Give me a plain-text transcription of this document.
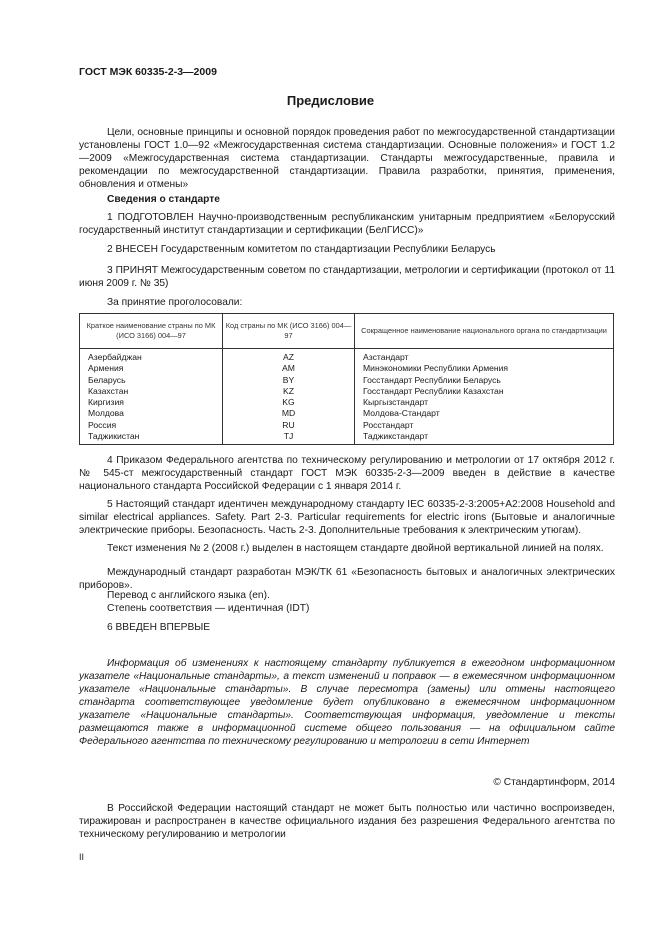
ГОСТ МЭК 60335-2-3—2009
Предисловие

Цели, основные принципы и основной порядок проведения работ по межгосударственной стандартизации установлены ГОСТ 1.0—92 «Межгосударственная система стандартизации. Основные положения» и ГОСТ 1.2—2009 «Межгосударственная система стандартизации. Стандарты межгосударственные, правила и рекомендации по межгосударственной стандартизации. Правила разработки, принятия, применения, обновления и отмены»

Сведения о стандарте

1 ПОДГОТОВЛЕН Научно-производственным республиканским унитарным предприятием «Белорусский государственный институт стандартизации и сертификации (БелГИСС)»

2 ВНЕСЕН Государственным комитетом по стандартизации Республики Беларусь

3 ПРИНЯТ Межгосударственным советом по стандартизации, метрологии и сертификации (протокол от 11 июня 2009 г. № 35)

За принятие проголосовали:

Краткое наименование страны по МК (ИСО 3166) 004—97	Код страны по МК (ИСО 3166) 004—97	Сокращенное наименование национального органа по стандартизации
Азербайджан	AZ	Азстандарт
Армения	AM	Минэкономики Республики Армения
Беларусь	BY	Госстандарт Республики Беларусь
Казахстан	KZ	Госстандарт Республики Казахстан
Киргизия	KG	Кыргызстандарт
Молдова	MD	Молдова-Стандарт
Россия	RU	Росстандарт
Таджикистан	TJ	Таджикстандарт

4 Приказом Федерального агентства по техническому регулированию и метрологии от 17 октября 2012 г. № 545-ст межгосударственный стандарт ГОСТ МЭК 60335-2-3—2009 введен в действие в качестве национального стандарта Российской Федерации с 1 января 2014 г.

5 Настоящий стандарт идентичен международному стандарту IEC 60335-2-3:2005+A2:2008 Household and similar electrical appliances. Safety. Part 2-3. Particular requirements for electric irons (Бытовые и аналогичные электрические приборы. Безопасность. Часть 2-3. Дополнительные требования к электрическим утюгам).

Текст изменения № 2 (2008 г.) выделен в настоящем стандарте двойной вертикальной линией на полях.

Международный стандарт разработан МЭК/ТК 61 «Безопасность бытовых и аналогичных электрических приборов».

Перевод с английского языка (en).

Степень соответствия — идентичная (IDT)

6 ВВЕДЕН ВПЕРВЫЕ

Информация об изменениях к настоящему стандарту публикуется в ежегодном информационном указателе «Национальные стандарты», а текст изменений и поправок — в ежемесячном информационном указателе «Национальные стандарты». В случае пересмотра (замены) или отмены настоящего стандарта соответствующее уведомление будет опубликовано в ежемесячном информационном указателе «Национальные стандарты». Соответствующая информация, уведомление и тексты размещаются также в информационной системе общего пользования — на официальном сайте Федерального агентства по техническому регулированию и метрологии в сети Интернет

© Стандартинформ, 2014

В Российской Федерации настоящий стандарт не может быть полностью или частично воспроизведен, тиражирован и распространен в качестве официального издания без разрешения Федерального агентства по техническому регулированию и метрологии

II
